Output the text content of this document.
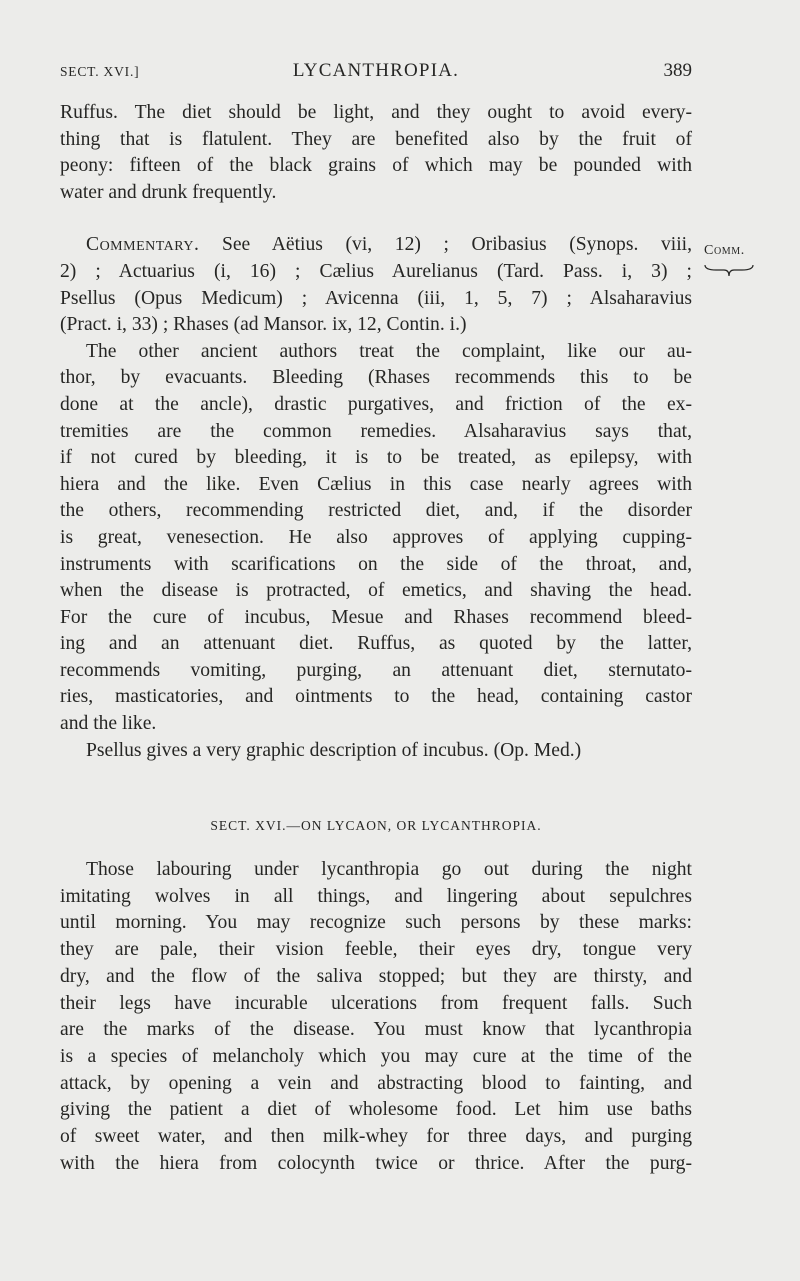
SECT. XVI.]	LYCANTHROPIA.	389
Comm.

Ruffus. The diet should be light, and they ought to avoid every-
thing that is flatulent. They are benefited also by the fruit of
peony: fifteen of the black grains of which may be pounded with
water and drunk frequently.

Commentary. See Aëtius (vi, 12) ; Oribasius (Synops. viii,
2) ; Actuarius (i, 16) ; Cælius Aurelianus (Tard. Pass. i, 3) ;
Psellus (Opus Medicum) ; Avicenna (iii, 1, 5, 7) ; Alsaharavius
(Pract. i, 33) ; Rhases (ad Mansor. ix, 12, Contin. i.)

The other ancient authors treat the complaint, like our au-
thor, by evacuants. Bleeding (Rhases recommends this to be
done at the ancle), drastic purgatives, and friction of the ex-
tremities are the common remedies. Alsaharavius says that,
if not cured by bleeding, it is to be treated, as epilepsy, with
hiera and the like. Even Cælius in this case nearly agrees with
the others, recommending restricted diet, and, if the disorder
is great, venesection. He also approves of applying cupping-
instruments with scarifications on the side of the throat, and,
when the disease is protracted, of emetics, and shaving the head.
For the cure of incubus, Mesue and Rhases recommend bleed-
ing and an attenuant diet. Ruffus, as quoted by the latter,
recommends vomiting, purging, an attenuant diet, sternutato-
ries, masticatories, and ointments to the head, containing castor
and the like.

Psellus gives a very graphic description of incubus. (Op. Med.)

SECT. XVI.—ON LYCAON, OR LYCANTHROPIA.

Those labouring under lycanthropia go out during the night
imitating wolves in all things, and lingering about sepulchres
until morning. You may recognize such persons by these marks:
they are pale, their vision feeble, their eyes dry, tongue very
dry, and the flow of the saliva stopped; but they are thirsty, and
their legs have incurable ulcerations from frequent falls. Such
are the marks of the disease. You must know that lycanthropia
is a species of melancholy which you may cure at the time of the
attack, by opening a vein and abstracting blood to fainting, and
giving the patient a diet of wholesome food. Let him use baths
of sweet water, and then milk-whey for three days, and purging
with the hiera from colocynth twice or thrice. After the purg-
